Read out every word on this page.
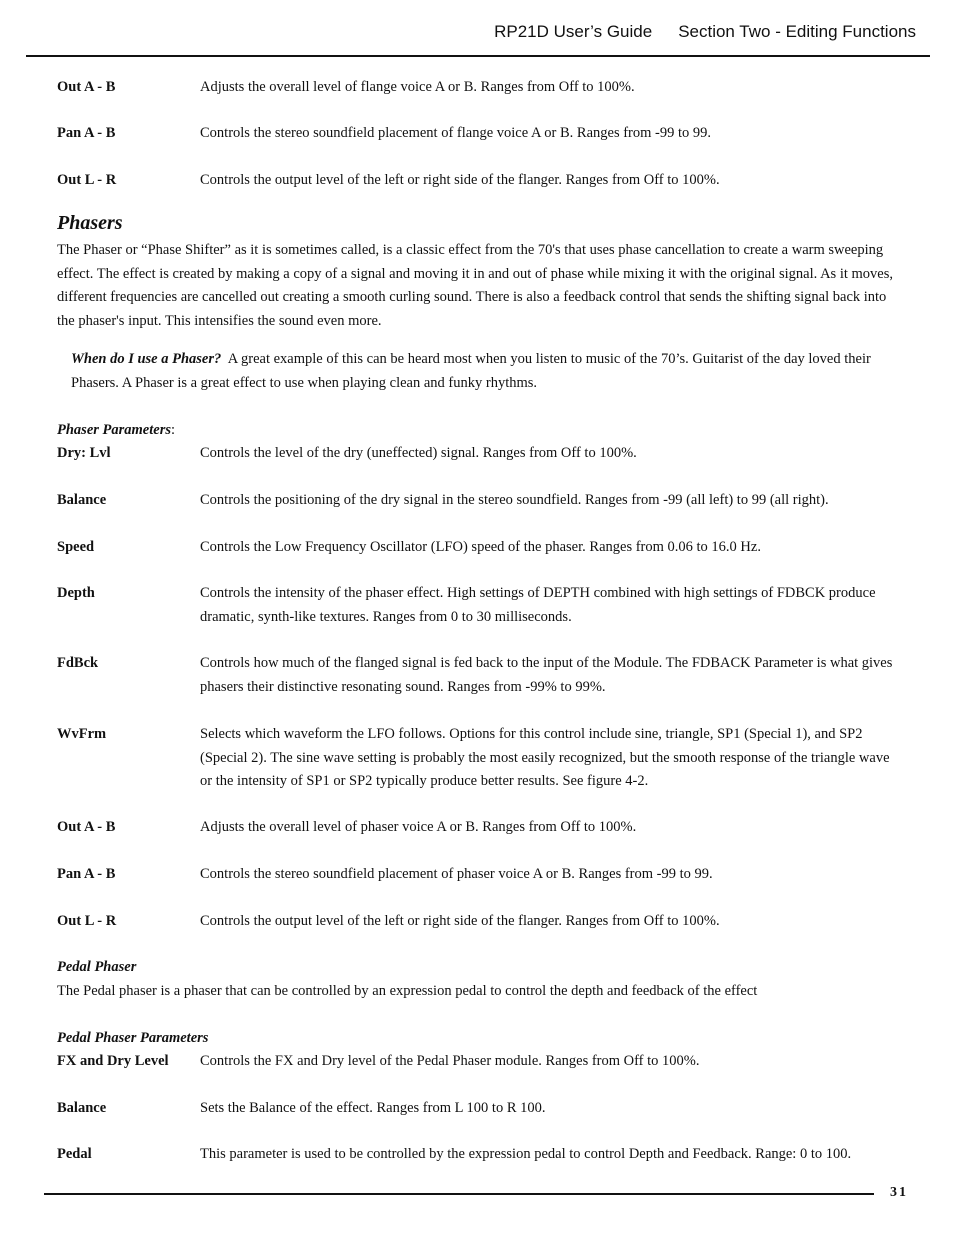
RP21D User’s Guide Section Two - Editing Functions
Out A - B	Adjusts the overall level of flange voice A or B. Ranges from Off to 100%.
Pan A - B	Controls the stereo soundfield placement of flange voice A or B. Ranges from -99 to 99.
Out L - R	Controls the output level of the left or right side of the flanger. Ranges from Off to 100%.
Phasers
The Phaser or “Phase Shifter” as it is sometimes called, is a classic effect from the 70's that uses phase cancellation to create a warm sweeping effect. The effect is created by making a copy of a signal and moving it in and out of phase while mixing it with the original signal. As it moves, different frequencies are cancelled out creating a smooth curling sound. There is also a feedback control that sends the shifting signal back into the phaser's input. This intensifies the sound even more.
When do I use a Phaser? A great example of this can be heard most when you listen to music of the 70’s. Guitarist of the day loved their Phasers. A Phaser is a great effect to use when playing clean and funky rhythms.
Phaser Parameters:
Dry: Lvl	Controls the level of the dry (uneffected) signal. Ranges from Off to 100%.
Balance	Controls the positioning of the dry signal in the stereo soundfield. Ranges from -99 (all left) to 99 (all right).
Speed	Controls the Low Frequency Oscillator (LFO) speed of the phaser. Ranges from 0.06 to 16.0 Hz.
Depth	Controls the intensity of the phaser effect. High settings of DEPTH combined with high settings of FDBCK produce dramatic, synth-like textures. Ranges from 0 to 30 milliseconds.
FdBck	Controls how much of the flanged signal is fed back to the input of the Module. The FDBACK Parameter is what gives phasers their distinctive resonating sound. Ranges from -99% to 99%.
WvFrm	Selects which waveform the LFO follows. Options for this control include sine, triangle, SP1 (Special 1), and SP2 (Special 2). The sine wave setting is probably the most easily recognized, but the smooth response of the triangle wave or the intensity of SP1 or SP2 typically produce better results. See figure 4-2.
Out A - B	Adjusts the overall level of phaser voice A or B. Ranges from Off to 100%.
Pan A - B	Controls the stereo soundfield placement of phaser voice A or B. Ranges from -99 to 99.
Out L - R	Controls the output level of the left or right side of the flanger. Ranges from Off to 100%.
Pedal Phaser
The Pedal phaser is a phaser that can be controlled by an expression pedal to control the depth and feedback of the effect
Pedal Phaser Parameters
FX and Dry Level Controls the FX and Dry level of the Pedal Phaser module. Ranges from Off to 100%.
Balance	Sets the Balance of the effect. Ranges from L 100 to R 100.
Pedal	This parameter is used to be controlled by the expression pedal to control Depth and Feedback. Range: 0 to 100.
31
